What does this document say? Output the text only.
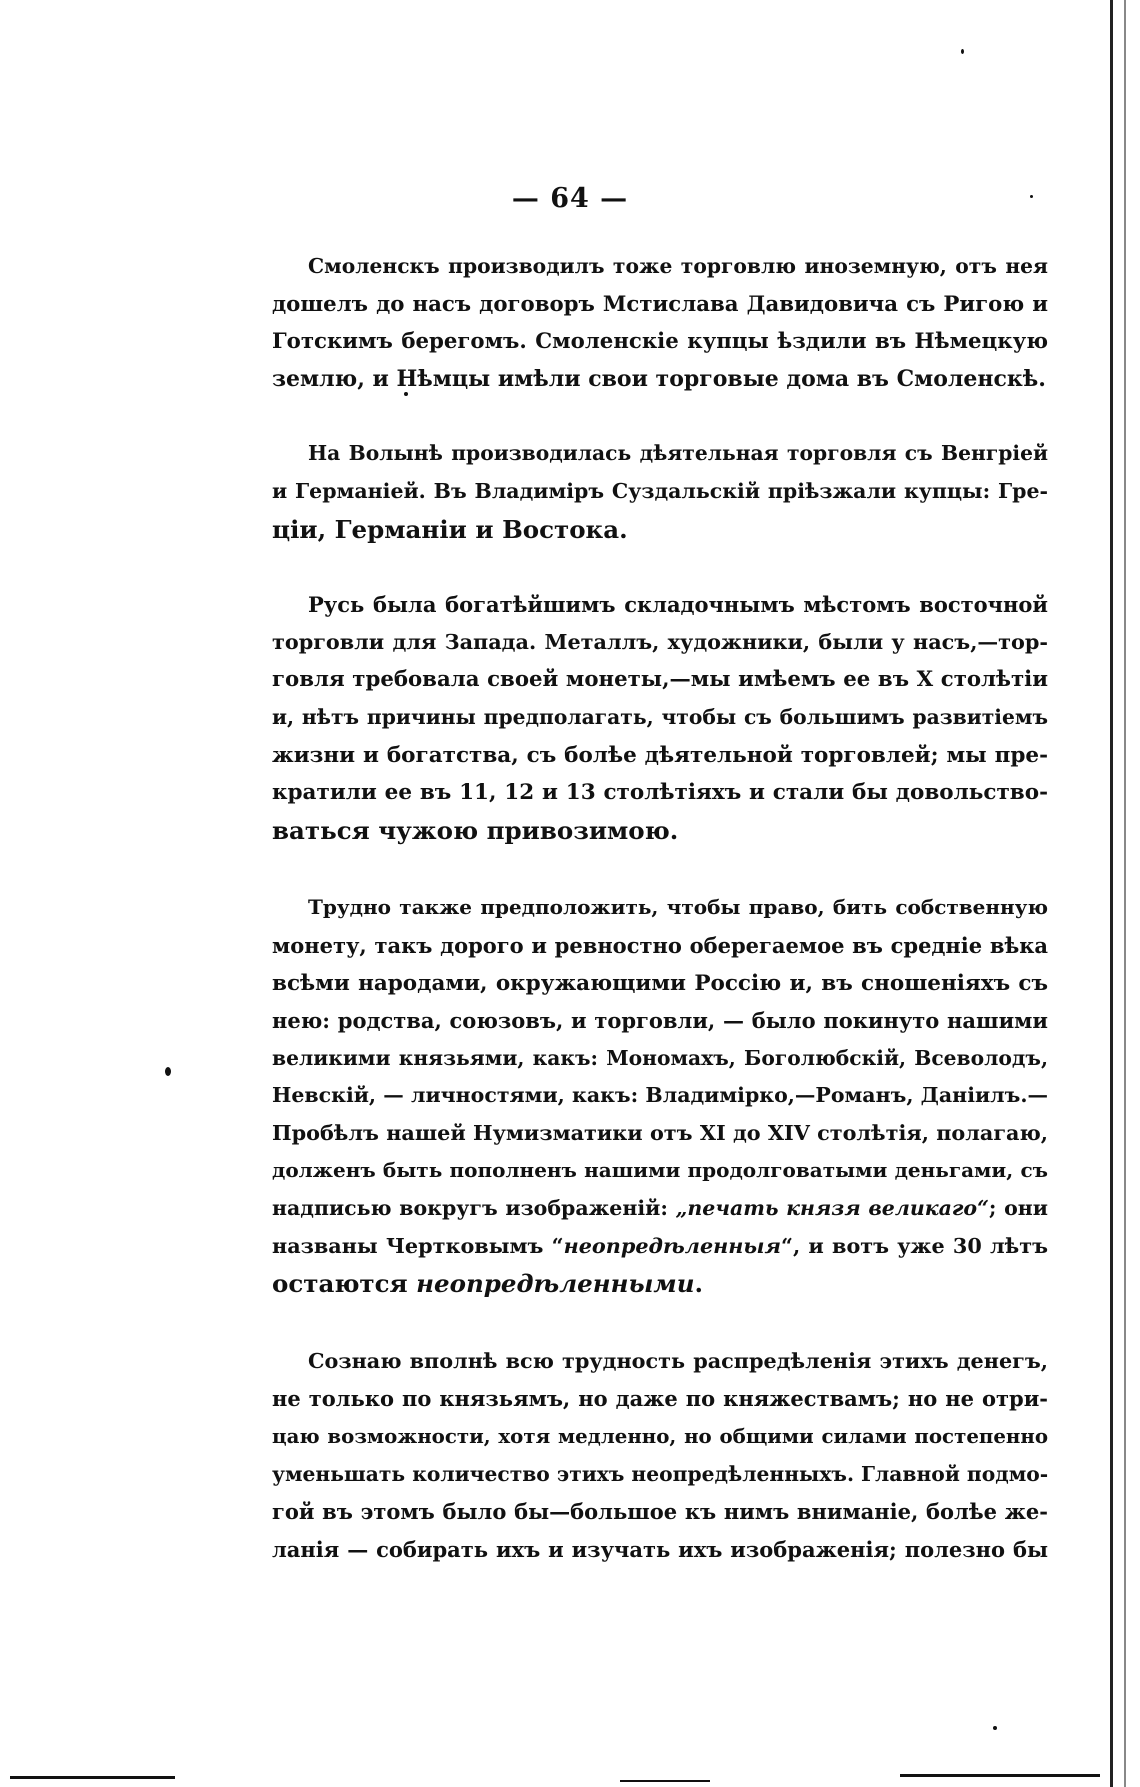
— 64 —

Смоленскъ производилъ тоже торговлю иноземную, отъ нея
дошелъ до насъ договоръ Мстислава Давидовича съ Ригою и
Готскимъ берегомъ. Смоленскіе купцы ѣздили въ Нѣмецкую
землю, и Нѣмцы имѣли свои торговые дома въ Смоленскѣ.

На Волынѣ производилась дѣятельная торговля съ Венгріей
и Германіей. Въ Владиміръ Суздальскій пріѣзжали купцы: Гре-
ціи, Германіи и Востока.

Русь была богатѣйшимъ складочнымъ мѣстомъ восточной
торговли для Запада. Металлъ, художники, были у насъ,—тор-
говля требовала своей монеты,—мы имѣемъ ее въ X столѣтіи
и, нѣтъ причины предполагать, чтобы съ большимъ развитіемъ
жизни и богатства, съ болѣе дѣятельной торговлей; мы пре-
кратили ее въ 11, 12 и 13 столѣтіяхъ и стали бы довольство-
ваться чужою привозимою.

Трудно также предположить, чтобы право, бить собственную
монету, такъ дорого и ревностно оберегаемое въ средніе вѣка
всѣми народами, окружающими Россію и, въ сношеніяхъ съ
нею: родства, союзовъ, и торговли, — было покинуто нашими
великими князьями, какъ: Мономахъ, Боголюбскій, Всеволодъ,
Невскій, — личностями, какъ: Владимірко,—Романъ, Даніилъ.—
Пробѣлъ нашей Нумизматики отъ XI до XIV столѣтія, полагаю,
долженъ быть пополненъ нашими продолговатыми деньгами, съ
надписью вокругъ изображеній: „печать князя великаго“; они
названы Чертковымъ “неопредѣленныя“, и вотъ уже 30 лѣтъ
остаются неопредѣленными.

Сознаю вполнѣ всю трудность распредѣленія этихъ денегъ,
не только по князьямъ, но даже по княжествамъ; но не отри-
цаю возможности, хотя медленно, но общими силами постепенно
уменьшать количество этихъ неопредѣленныхъ. Главной подмо-
гой въ этомъ было бы—большое къ нимъ вниманіе, болѣе же-
ланія — собирать ихъ и изучать ихъ изображенія; полезно бы
